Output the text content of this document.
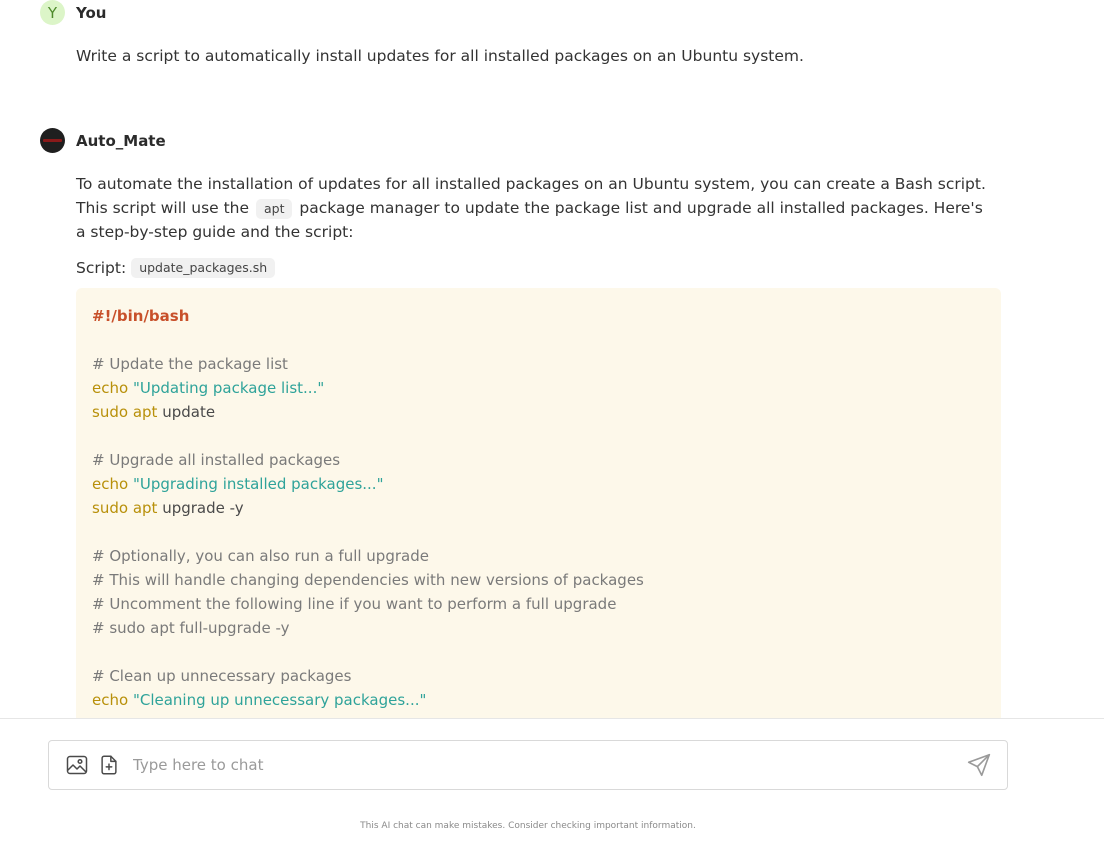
Y You
Write a script to automatically install updates for all installed packages on an Ubuntu system.
Auto_Mate
To automate the installation of updates for all installed packages on an Ubuntu system, you can create a Bash script. This script will use the apt package manager to update the package list and upgrade all installed packages. Here's a step-by-step guide and the script:
Script:	update_packages.sh
#!/bin/bash
# Update the package list
echo "Updating package list..."
sudo apt update
# Upgrade all installed packages
echo "Upgrading installed packages..."
sudo apt upgrade -y
# Optionally, you can also run a full upgrade
# This will handle changing dependencies with new versions of packages
# Uncomment the following line if you want to perform a full upgrade
# sudo apt full-upgrade -y
# Clean up unnecessary packages
echo "Cleaning up unnecessary packages..."
Type here to chat
This AI chat can make mistakes. Consider checking important information.
